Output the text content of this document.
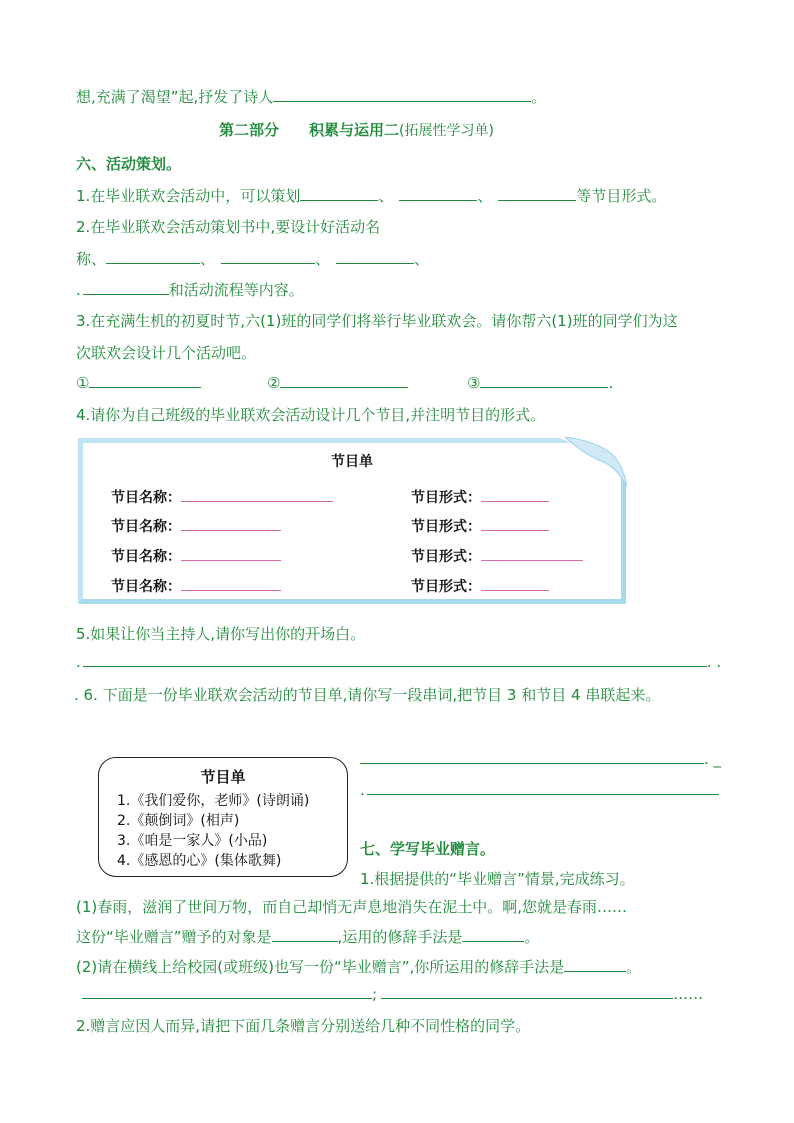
想,充满了渴望”起,抒发了诗人	。
第二部分　　积累与运用二(拓展性学习单)
六、活动策划。
1.在毕业联欢会活动中，可以策划	、	、	等节目形式。
2.在毕业联欢会活动策划书中,要设计好活动名
称、	、	、	、
.	和活动流程等内容。
3.在充满生机的初夏时节,六(1)班的同学们将举行毕业联欢会。请你帮六(1)班的同学们为这
次联欢会设计几个活动吧。
①	②	③	.
4.请你为自己班级的毕业联欢会活动设计几个节目,并注明节目的形式。
节目单
节目名称：	节目形式：
节目名称：	节目形式：
节目名称：	节目形式：
节目名称：	节目形式：
5.如果让你当主持人,请你写出你的开场白。
.	. .
. 6. 下面是一份毕业联欢会活动的节目单,请你写一段串词,把节目 3 和节目 4 串联起来。
节目单
1.《我们爱你，老师》(诗朗诵)
2.《颠倒词》(相声)
3.《咱是一家人》(小品)
4.《感恩的心》(集体歌舞)
. _
.
七、学写毕业赠言。
1.根据提供的“毕业赠言”情景,完成练习。
(1)春雨，滋润了世间万物，而自己却悄无声息地消失在泥土中。啊,您就是春雨……
这份“毕业赠言”赠予的对象是	,运用的修辞手法是	。
(2)请在横线上给校园(或班级)也写一份“毕业赠言”,你所运用的修辞手法是	。
;	……
2.赠言应因人而异,请把下面几条赠言分别送给几种不同性格的同学。
